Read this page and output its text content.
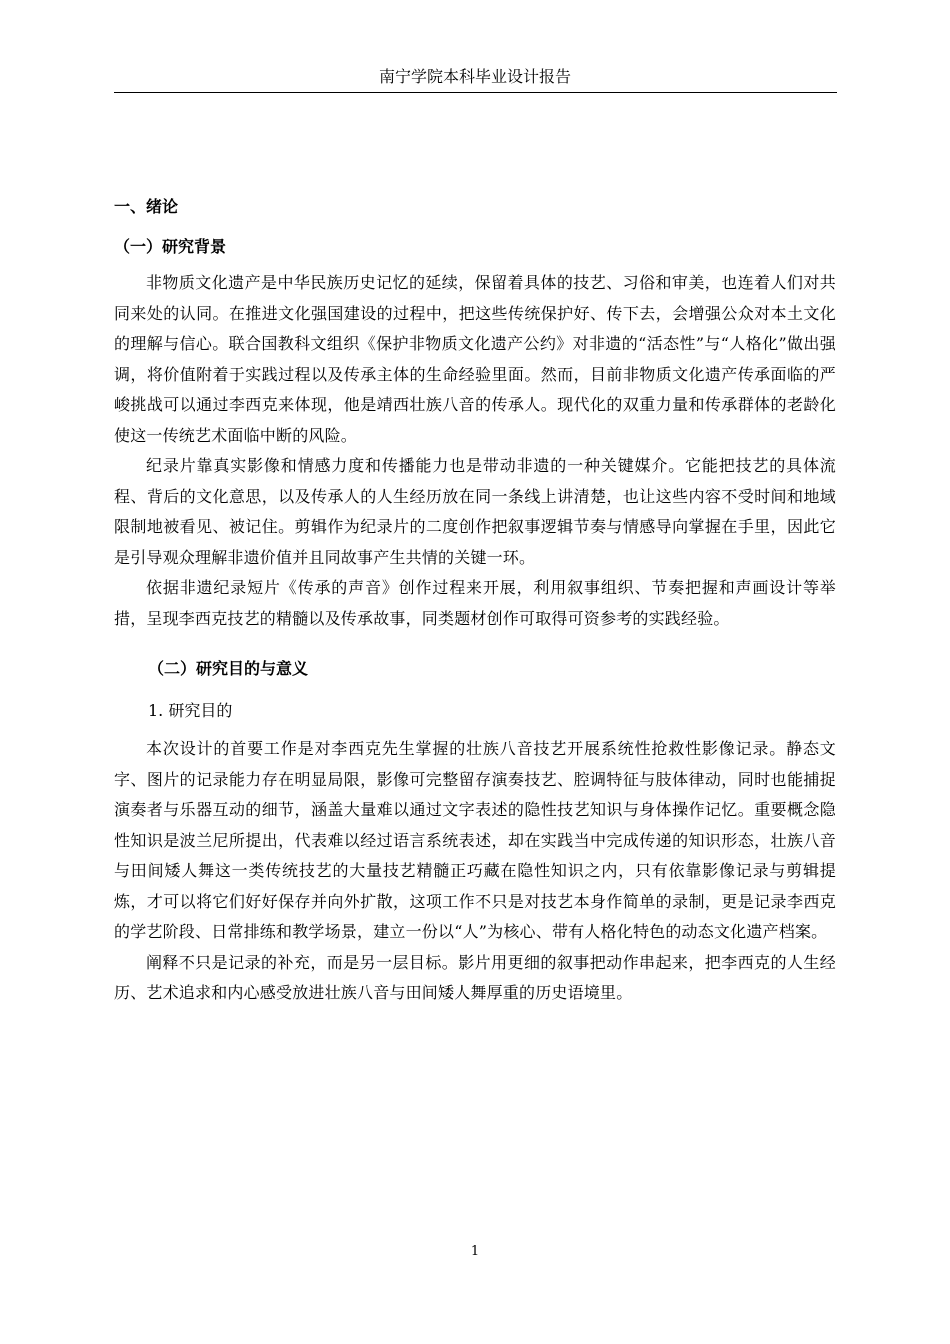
南宁学院本科毕业设计报告
一、绪论
（一）研究背景

非物质文化遗产是中华民族历史记忆的延续，保留着具体的技艺、习俗和审美，也连着人们对共同来处的认同。在推进文化强国建设的过程中，把这些传统保护好、传下去，会增强公众对本土文化的理解与信心。联合国教科文组织《保护非物质文化遗产公约》对非遗的“活态性”与“人格化”做出强调，将价值附着于实践过程以及传承主体的生命经验里面。然而，目前非物质文化遗产传承面临的严峻挑战可以通过李西克来体现，他是靖西壮族八音的传承人。现代化的双重力量和传承群体的老龄化使这一传统艺术面临中断的风险。

纪录片靠真实影像和情感力度和传播能力也是带动非遗的一种关键媒介。它能把技艺的具体流程、背后的文化意思，以及传承人的人生经历放在同一条线上讲清楚，也让这些内容不受时间和地域限制地被看见、被记住。剪辑作为纪录片的二度创作把叙事逻辑节奏与情感导向掌握在手里，因此它是引导观众理解非遗价值并且同故事产生共情的关键一环。

依据非遗纪录短片《传承的声音》创作过程来开展，利用叙事组织、节奏把握和声画设计等举措，呈现李西克技艺的精髓以及传承故事，同类题材创作可取得可资参考的实践经验。

（二）研究目的与意义
1. 研究目的

本次设计的首要工作是对李西克先生掌握的壮族八音技艺开展系统性抢救性影像记录。静态文字、图片的记录能力存在明显局限，影像可完整留存演奏技艺、腔调特征与肢体律动，同时也能捕捉演奏者与乐器互动的细节，涵盖大量难以通过文字表述的隐性技艺知识与身体操作记忆。重要概念隐性知识是波兰尼所提出，代表难以经过语言系统表述，却在实践当中完成传递的知识形态，壮族八音与田间矮人舞这一类传统技艺的大量技艺精髓正巧藏在隐性知识之内，只有依靠影像记录与剪辑提炼，才可以将它们好好保存并向外扩散，这项工作不只是对技艺本身作简单的录制，更是记录李西克的学艺阶段、日常排练和教学场景，建立一份以“人”为核心、带有人格化特色的动态文化遗产档案。

阐释不只是记录的补充，而是另一层目标。影片用更细的叙事把动作串起来，把李西克的人生经历、艺术追求和内心感受放进壮族八音与田间矮人舞厚重的历史语境里。

1
